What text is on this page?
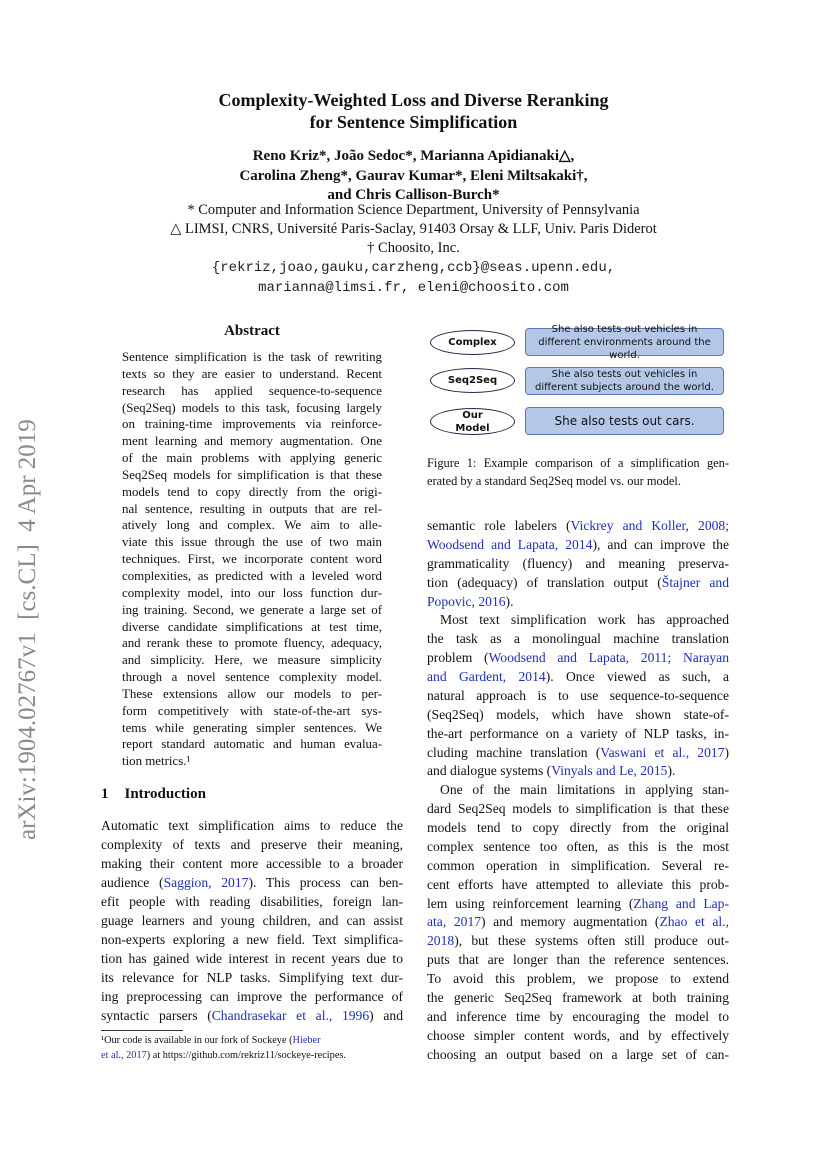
arXiv:1904.02767v1  [cs.CL]  4 Apr 2019
Complexity-Weighted Loss and Diverse Reranking
for Sentence Simplification
Reno Kriz*, João Sedoc*, Marianna Apidianaki△,
Carolina Zheng*, Gaurav Kumar*, Eleni Miltsakaki†,
and Chris Callison-Burch*
* Computer and Information Science Department, University of Pennsylvania
△ LIMSI, CNRS, Université Paris-Saclay, 91403 Orsay & LLF, Univ. Paris Diderot
† Choosito, Inc.
{rekriz,joao,gauku,carzheng,ccb}@seas.upenn.edu,
marianna@limsi.fr, eleni@choosito.com
Abstract
Sentence simplification is the task of rewriting
texts so they are easier to understand. Recent
research has applied sequence-to-sequence
(Seq2Seq) models to this task, focusing largely
on training-time improvements via reinforce-
ment learning and memory augmentation. One
of the main problems with applying generic
Seq2Seq models for simplification is that these
models tend to copy directly from the origi-
nal sentence, resulting in outputs that are rel-
atively long and complex. We aim to alle-
viate this issue through the use of two main
techniques. First, we incorporate content word
complexities, as predicted with a leveled word
complexity model, into our loss function dur-
ing training. Second, we generate a large set of
diverse candidate simplifications at test time,
and rerank these to promote fluency, adequacy,
and simplicity. Here, we measure simplicity
through a novel sentence complexity model.
These extensions allow our models to per-
form competitively with state-of-the-art sys-
tems while generating simpler sentences. We
report standard automatic and human evalua-
tion metrics.¹
1 Introduction
Automatic text simplification aims to reduce the
complexity of texts and preserve their meaning,
making their content more accessible to a broader
audience (Saggion, 2017). This process can ben-
efit people with reading disabilities, foreign lan-
guage learners and young children, and can assist
non-experts exploring a new field. Text simplifica-
tion has gained wide interest in recent years due to
its relevance for NLP tasks. Simplifying text dur-
ing preprocessing can improve the performance of
syntactic parsers (Chandrasekar et al., 1996) and
¹Our code is available in our fork of Sockeye (Hieber
et al., 2017) at https://github.com/rekriz11/sockeye-recipes.
Complex
She also tests out vehicles in different environments around the world.
Seq2Seq
She also tests out vehicles in different subjects around the world.
Our Model
She also tests out cars.
Figure 1: Example comparison of a simplification gen-
erated by a standard Seq2Seq model vs. our model.
semantic role labelers (Vickrey and Koller, 2008;
Woodsend and Lapata, 2014), and can improve the
grammaticality (fluency) and meaning preserva-
tion (adequacy) of translation output (Štajner and
Popovic, 2016).
Most text simplification work has approached
the task as a monolingual machine translation
problem (Woodsend and Lapata, 2011; Narayan
and Gardent, 2014). Once viewed as such, a
natural approach is to use sequence-to-sequence
(Seq2Seq) models, which have shown state-of-
the-art performance on a variety of NLP tasks, in-
cluding machine translation (Vaswani et al., 2017)
and dialogue systems (Vinyals and Le, 2015).
One of the main limitations in applying stan-
dard Seq2Seq models to simplification is that these
models tend to copy directly from the original
complex sentence too often, as this is the most
common operation in simplification. Several re-
cent efforts have attempted to alleviate this prob-
lem using reinforcement learning (Zhang and Lap-
ata, 2017) and memory augmentation (Zhao et al.,
2018), but these systems often still produce out-
puts that are longer than the reference sentences.
To avoid this problem, we propose to extend
the generic Seq2Seq framework at both training
and inference time by encouraging the model to
choose simpler content words, and by effectively
choosing an output based on a large set of can-
